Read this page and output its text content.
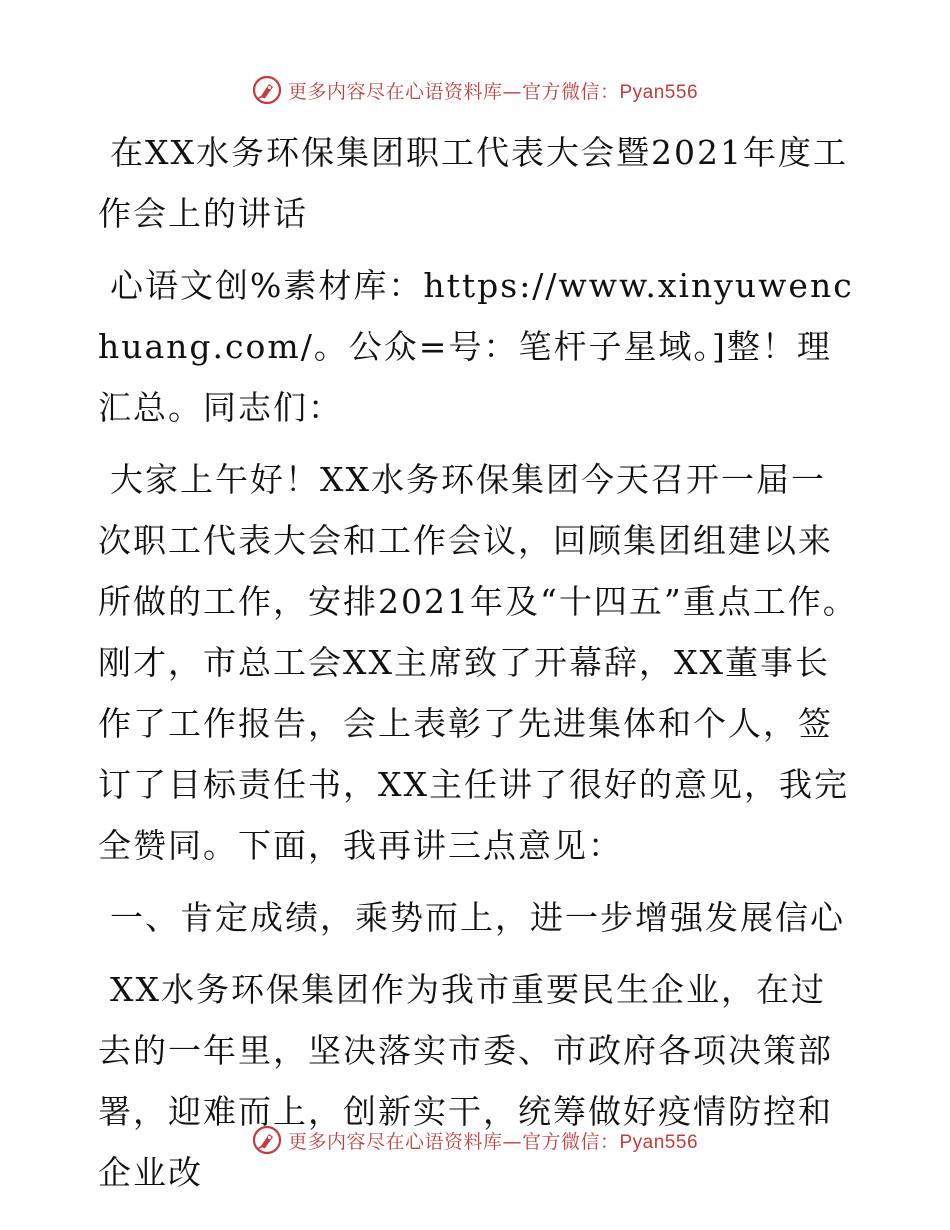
更多内容尽在心语资料库—官方微信：Pyan556

在XX水务环保集团职工代表大会暨2021年度工作会上的讲话

心语文创%素材库：https://www.xinyuwenchuang.com/。公众=号：笔杆子星域。]整！理汇总。同志们：

大家上午好！XX水务环保集团今天召开一届一次职工代表大会和工作会议，回顾集团组建以来所做的工作，安排2021年及“十四五”重点工作。刚才，市总工会XX主席致了开幕辞，XX董事长作了工作报告，会上表彰了先进集体和个人，签订了目标责任书，XX主任讲了很好的意见，我完全赞同。下面，我再讲三点意见：

一、肯定成绩，乘势而上，进一步增强发展信心

XX水务环保集团作为我市重要民生企业，在过去的一年里，坚决落实市委、市政府各项决策部署，迎难而上，创新实干，统筹做好疫情防控和企业改

更多内容尽在心语资料库—官方微信：Pyan556
